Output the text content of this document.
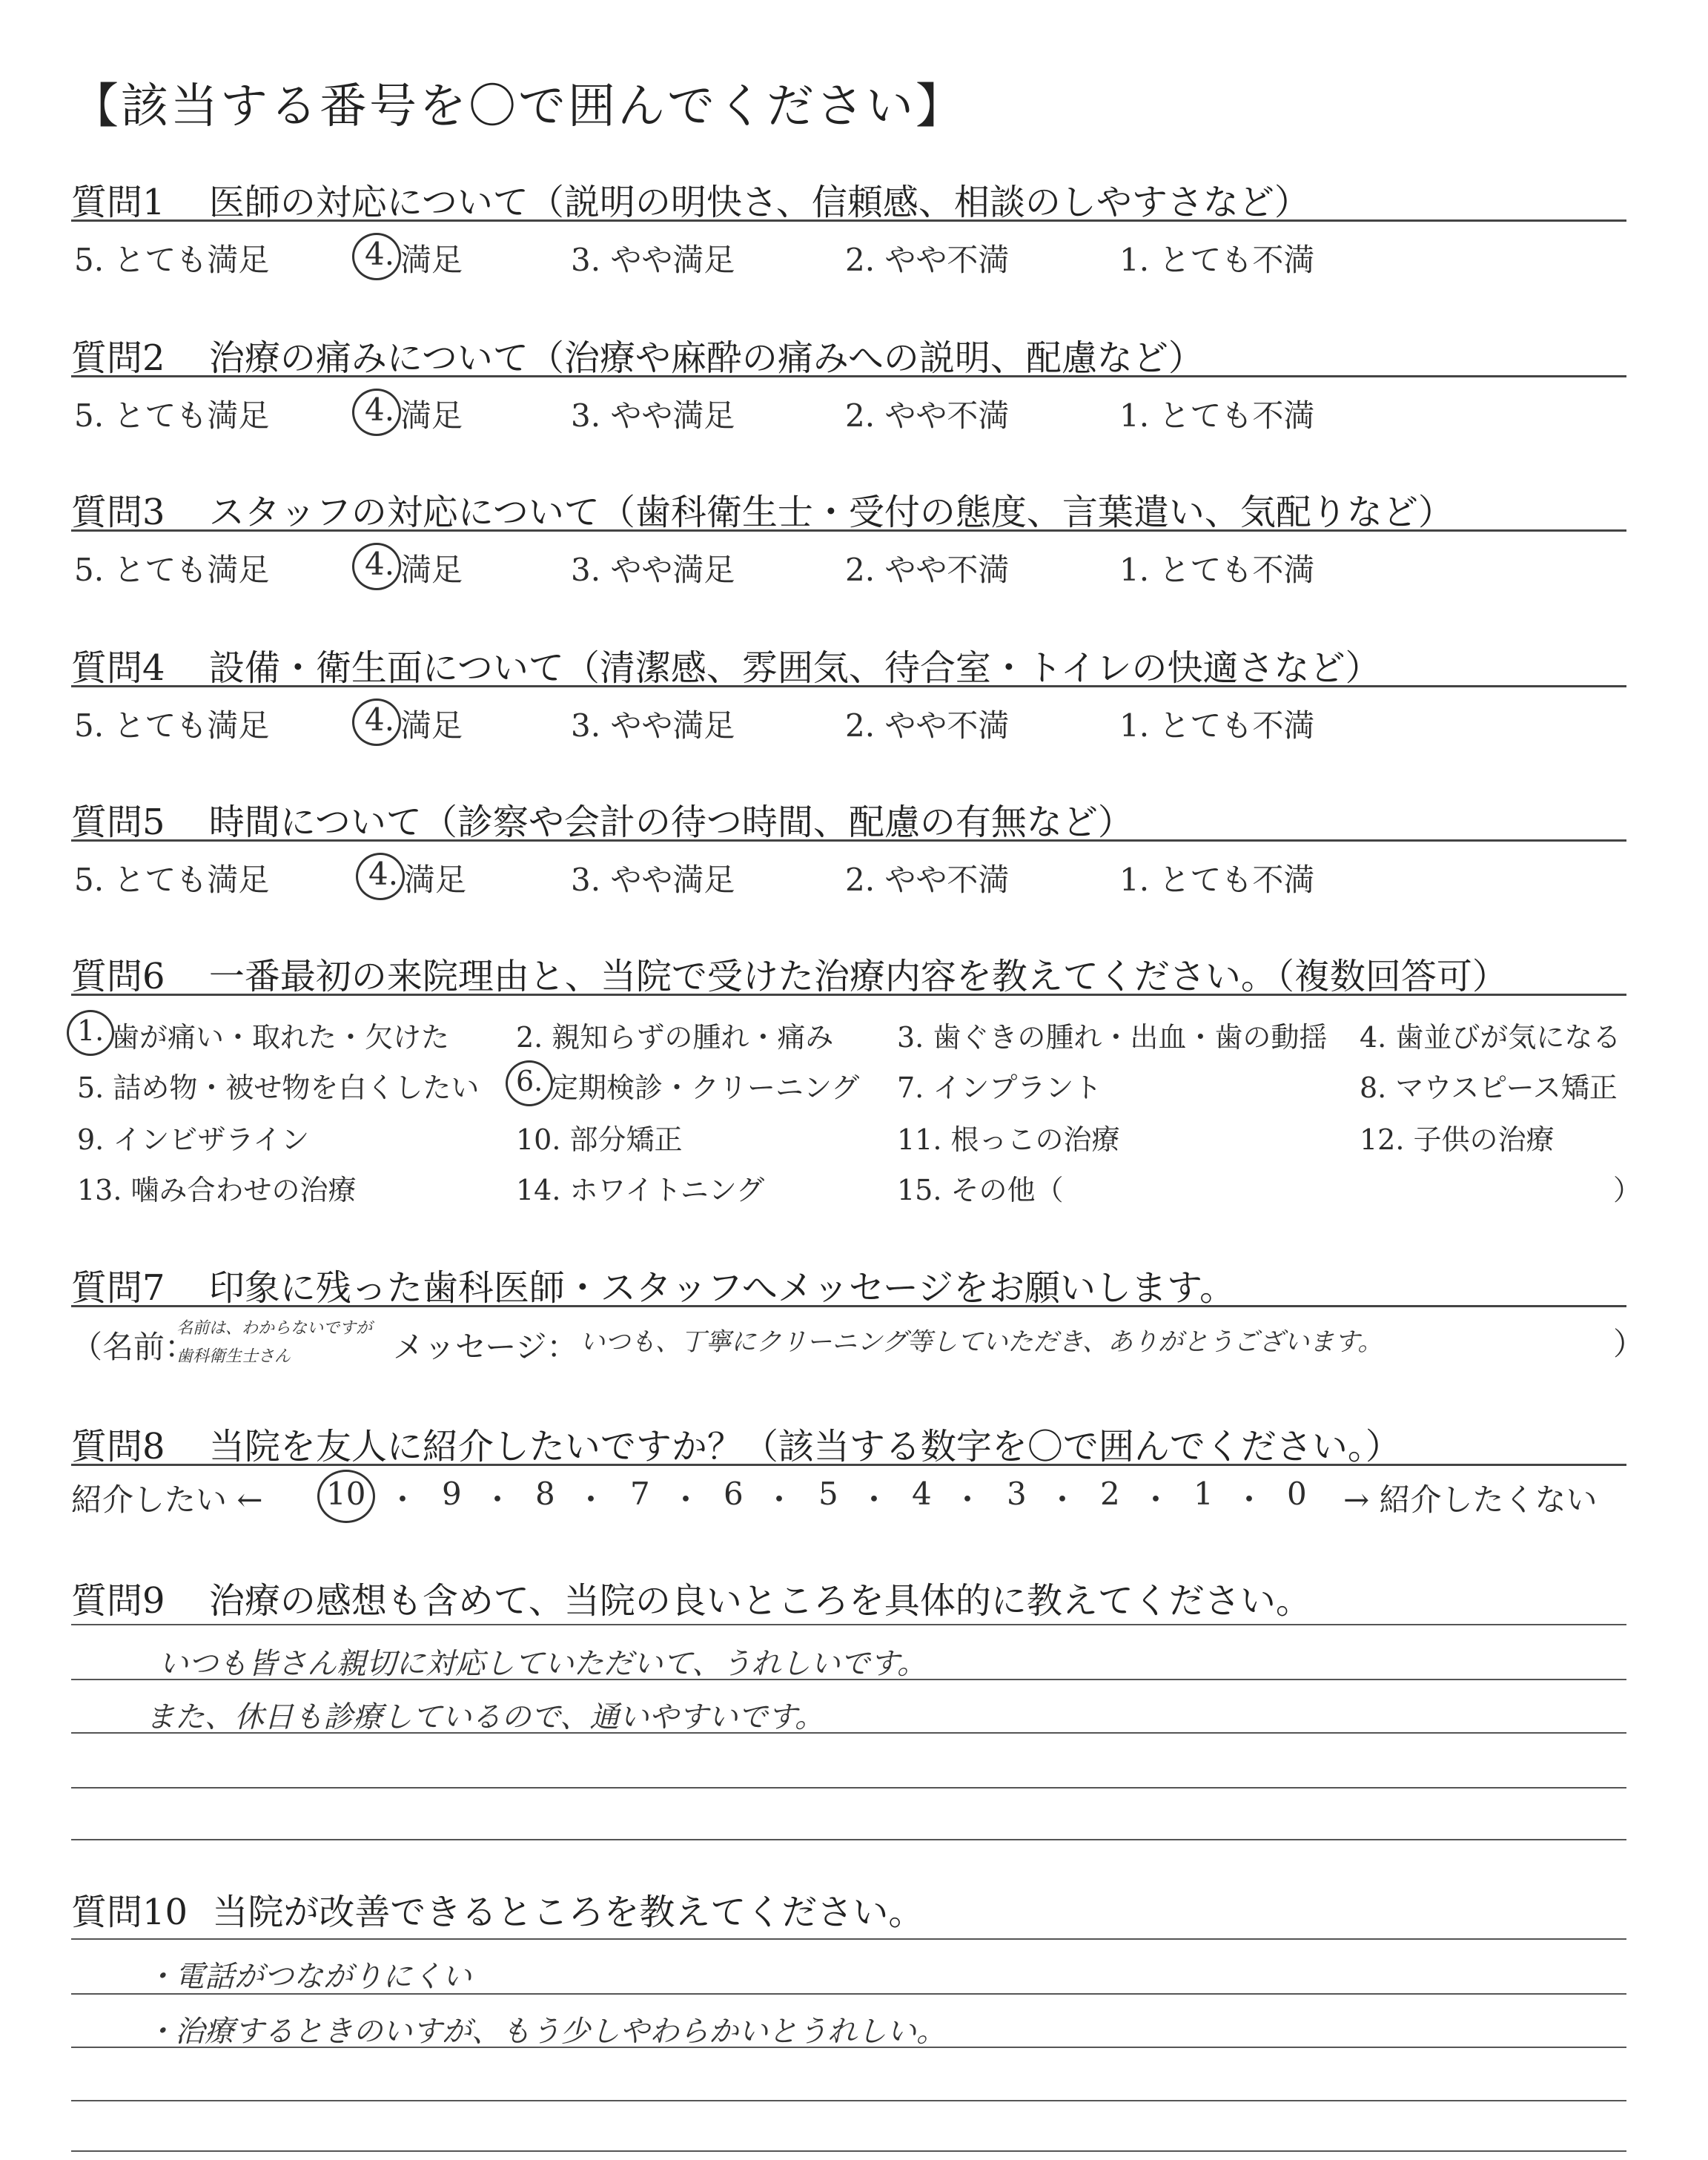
【該当する番号を〇で囲んでください】
質問1 医師の対応について（説明の明快さ、信頼感、相談のしやすさなど）
5. とても満足	4. 満足	3. やや満足	2. やや不満	1. とても不満
質問2 治療の痛みについて（治療や麻酔の痛みへの説明、配慮など）
5. とても満足	4. 満足	3. やや満足	2. やや不満	1. とても不満
質問3 スタッフの対応について（歯科衛生士・受付の態度、言葉遣い、気配りなど）
5. とても満足	4. 満足	3. やや満足	2. やや不満	1. とても不満
質問4 設備・衛生面について（清潔感、雰囲気、待合室・トイレの快適さなど）
5. とても満足	4. 満足	3. やや満足	2. やや不満	1. とても不満
質問5 時間について（診察や会計の待つ時間、配慮の有無など）
5. とても満足	4. 満足	3. やや満足	2. やや不満	1. とても不満
質問6 一番最初の来院理由と、当院で受けた治療内容を教えてください。（複数回答可）
1. 歯が痛い・取れた・欠けた 2. 親知らずの腫れ・痛み 3. 歯ぐきの腫れ・出血・歯の動揺 4. 歯並びが気になる
5. 詰め物・被せ物を白くしたい 6. 定期検診・クリーニング 7. インプラント	8. マウスピース矯正
9. インビザライン	10. 部分矯正	11. 根っこの治療	12. 子供の治療
13. 噛み合わせの治療	14. ホワイトニング	15. その他（	）
質問7 印象に残った歯科医師・スタッフへメッセージをお願いします。
（名前：
名前は、わからないですが
歯科衛生士さん	メッセージ： いつも、丁寧にクリーニング等していただき、ありがとうございます。	）
質問8 当院を友人に紹介したいですか？（該当する数字を〇で囲んでください。）
紹介したい ← 10 ・ 9 ・ 8 ・ 7 ・ 6 ・ 5 ・ 4 ・ 3 ・ 2 ・ 1 ・ 0 → 紹介したくない
質問9 治療の感想も含めて、当院の良いところを具体的に教えてください。
いつも皆さん親切に対応していただいて、うれしいです。
また、休日も診療しているので、通いやすいです。
質問10 当院が改善できるところを教えてください。
・電話がつながりにくい
・治療するときのいすが、もう少しやわらかいとうれしい。
